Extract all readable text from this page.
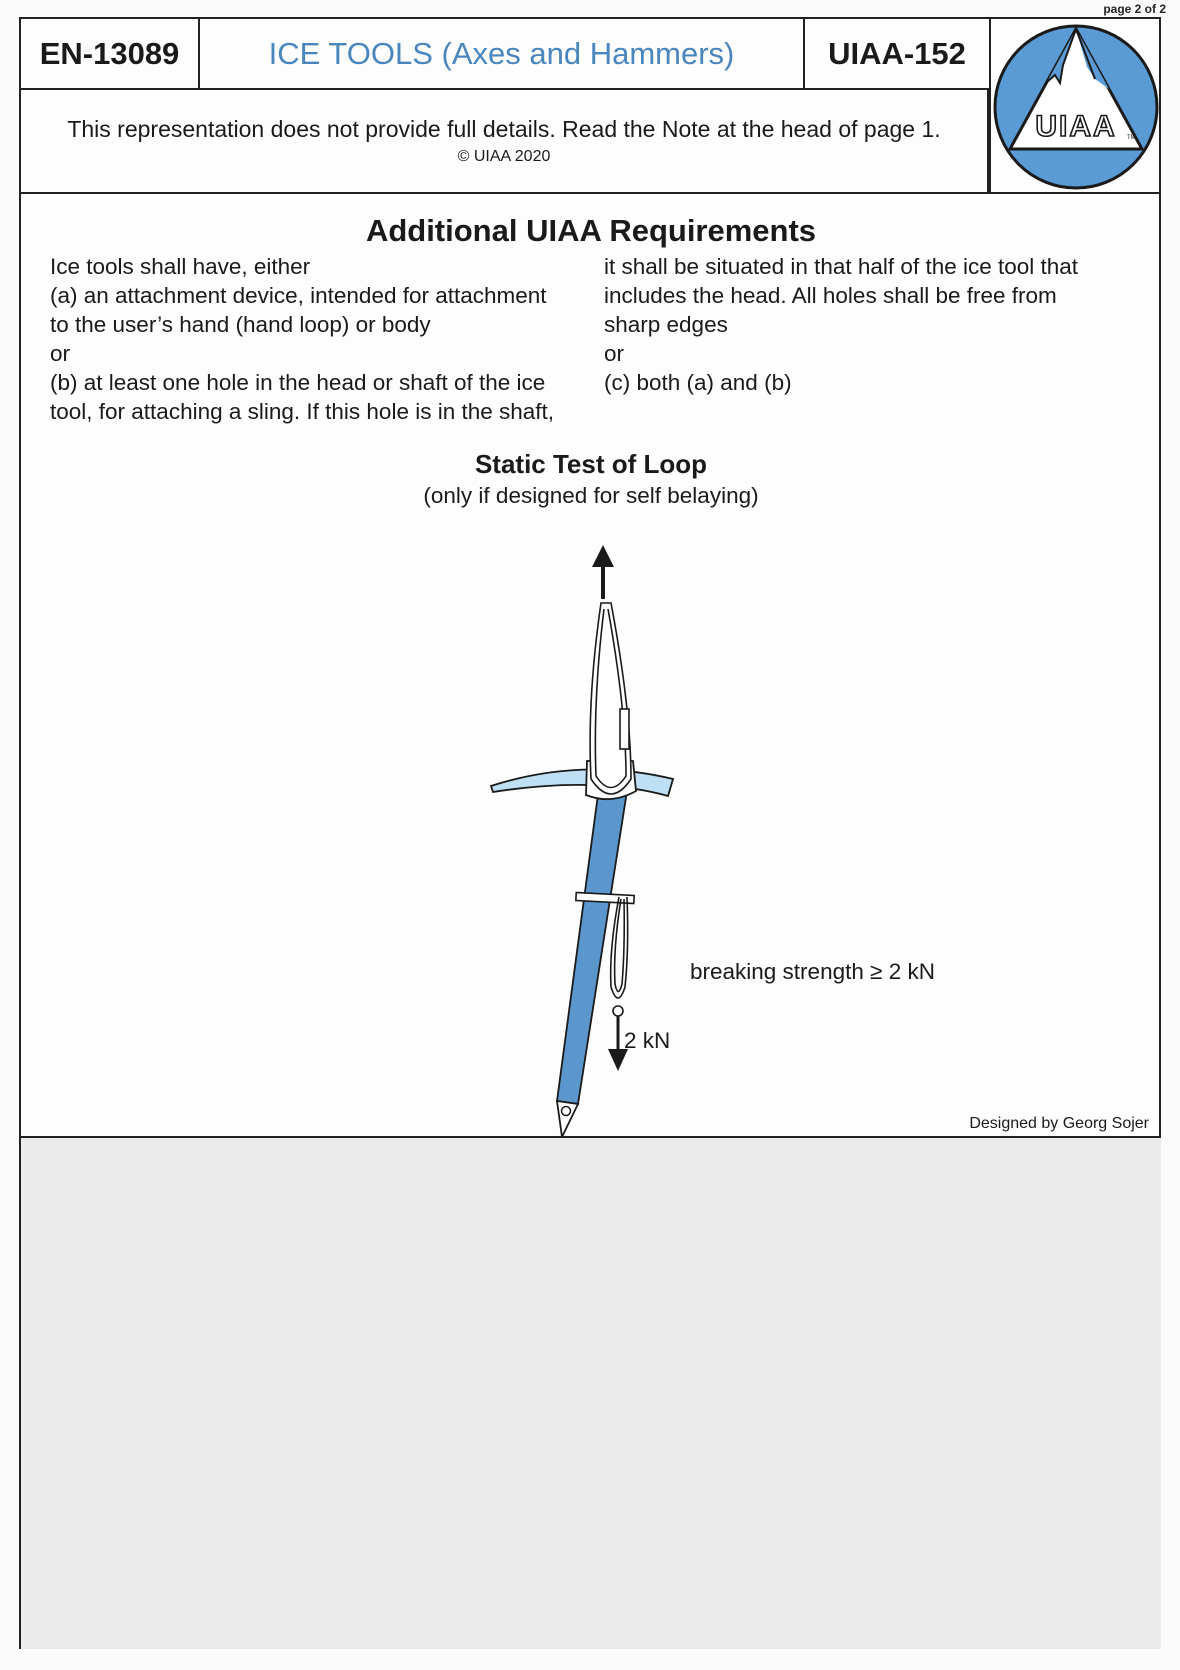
page 2 of 2
EN-13089	ICE TOOLS (Axes and Hammers)	UIAA-152
This representation does not provide full details. Read the Note at the head of page 1.
© UIAA 2020
UIAA TM
Additional UIAA Requirements
Ice tools shall have, either
(a) an attachment device, intended for attachment
to the user’s hand (hand loop) or body
or
(b) at least one hole in the head or shaft of the ice
tool, for attaching a sling. If this hole is in the shaft,
it shall be situated in that half of the ice tool that
includes the head. All holes shall be free from
sharp edges
or
(c) both (a) and (b)
Static Test of Loop
(only if designed for self belaying)
breaking strength ≥ 2 kN
2 kN
Designed by Georg Sojer
